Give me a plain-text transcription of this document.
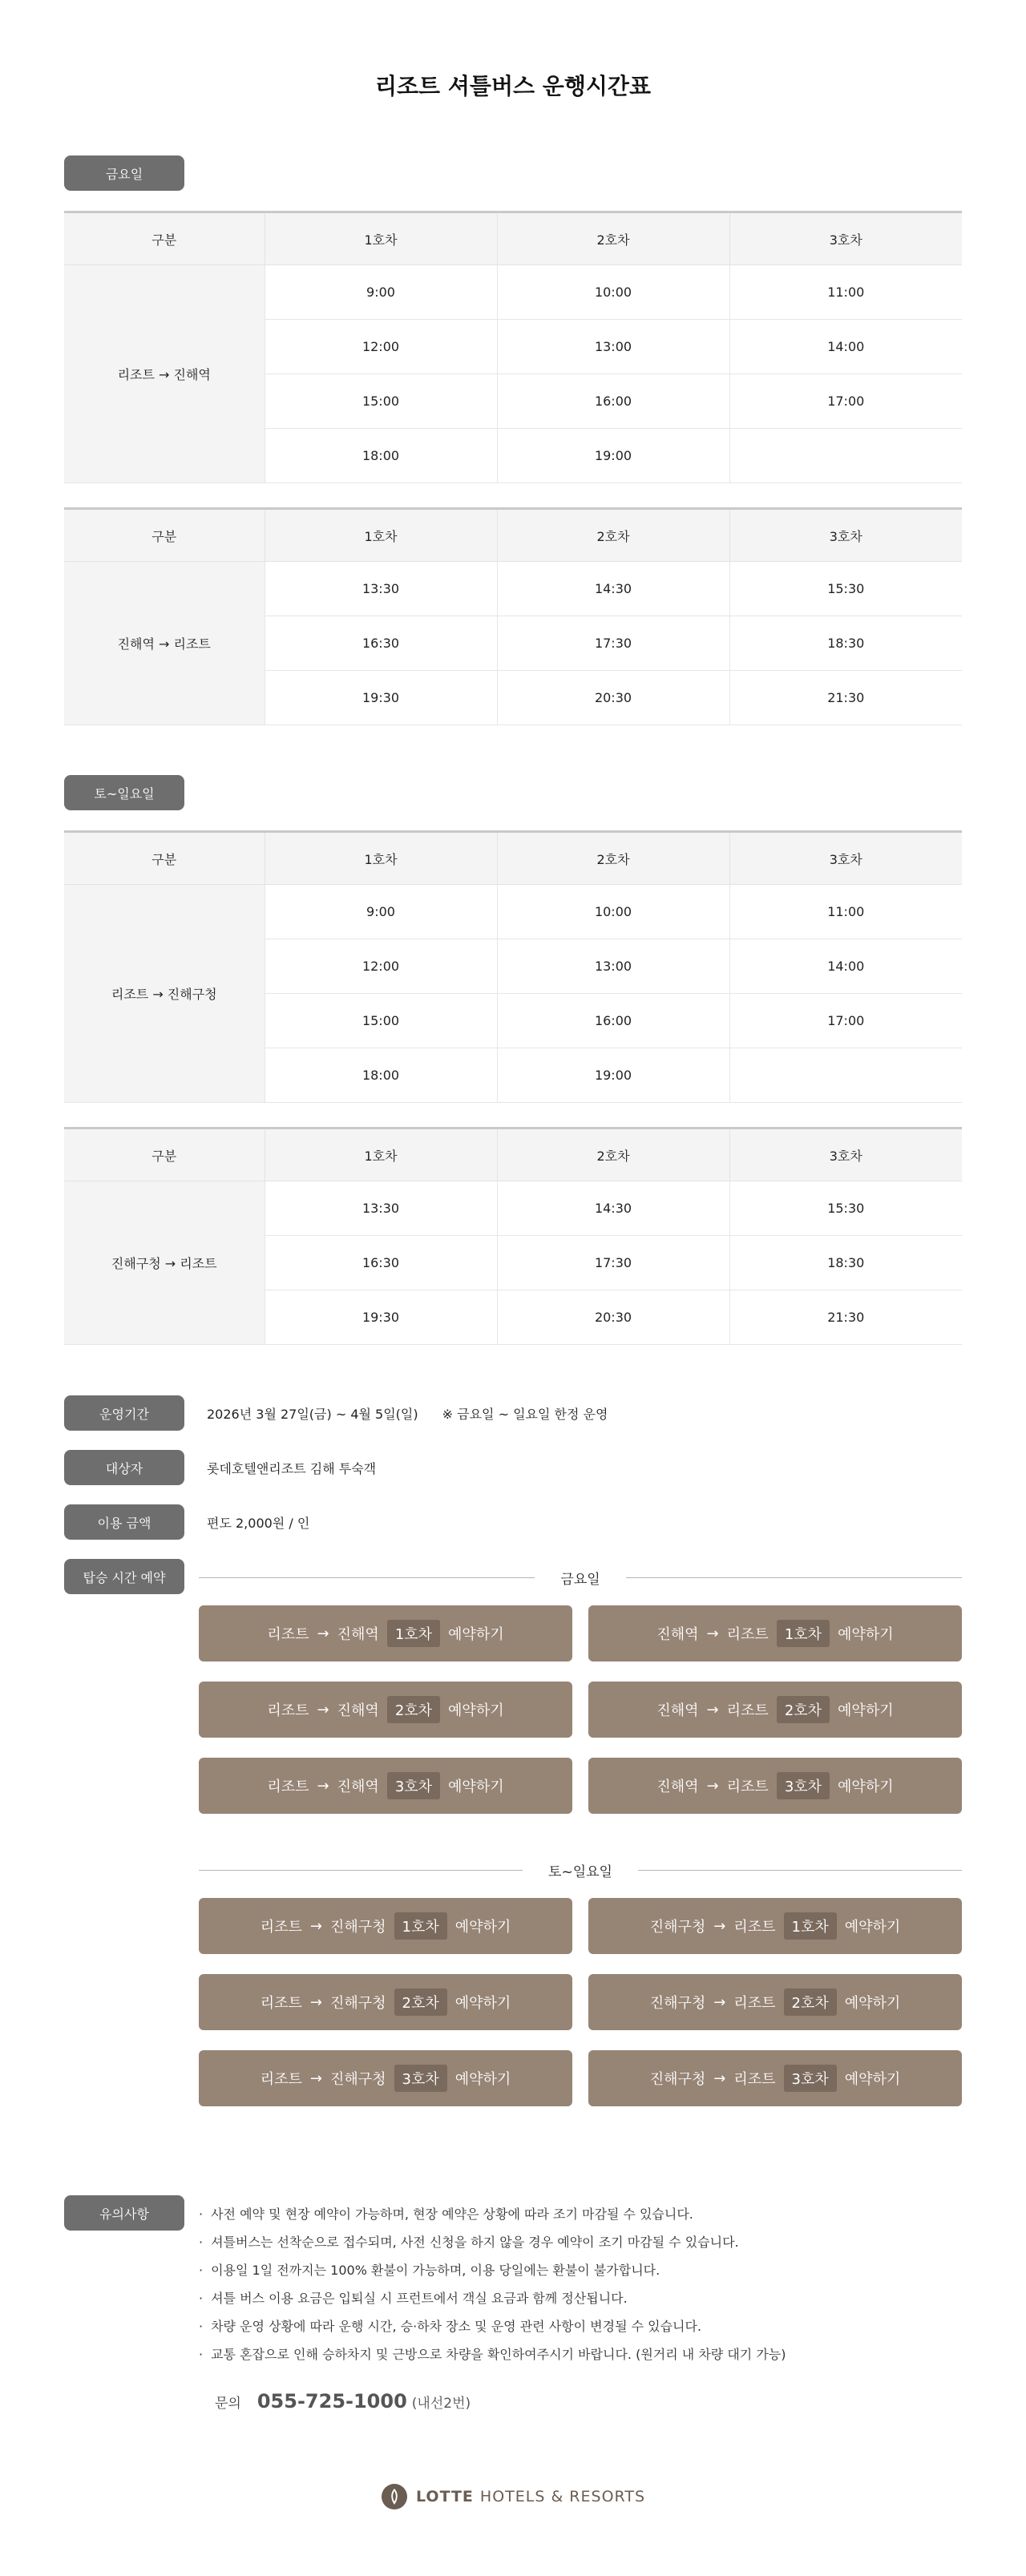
리조트 셔틀버스 운행시간표
금요일
구분	1호차	2호차	3호차
리조트 → 진해역	9:00	10:00	11:00
	12:00	13:00	14:00
	15:00	16:00	17:00
	18:00	19:00	
구분	1호차	2호차	3호차
진해역 → 리조트	13:30	14:30	15:30
	16:30	17:30	18:30
	19:30	20:30	21:30
토~일요일
구분	1호차	2호차	3호차
리조트 → 진해구청	9:00	10:00	11:00
	12:00	13:00	14:00
	15:00	16:00	17:00
	18:00	19:00	
구분	1호차	2호차	3호차
진해구청 → 리조트	13:30	14:30	15:30
	16:30	17:30	18:30
	19:30	20:30	21:30
운영기간	2026년 3월 27일(금) ~ 4월 5일(일) ※ 금요일 ~ 일요일 한정 운영
대상자	롯데호텔앤리조트 김해 투숙객
이용 금액	편도 2,000원 / 인
탑승 시간 예약	금요일
토~일요일
리조트 → 진해역	1호차	예약하기	진해역 → 리조트	1호차	예약하기
리조트 → 진해역	2호차	예약하기	진해역 → 리조트	2호차	예약하기
리조트 → 진해역	3호차	예약하기	진해역 → 리조트	3호차	예약하기
리조트 → 진해구청	1호차	예약하기	진해구청 → 리조트	1호차	예약하기
리조트 → 진해구청	2호차	예약하기	진해구청 → 리조트	2호차	예약하기
리조트 → 진해구청	3호차	예약하기	진해구청 → 리조트	3호차	예약하기
유의사항	· 사전 예약 및 현장 예약이 가능하며, 현장 예약은 상황에 따라 조기 마감될 수 있습니다.
· 셔틀버스는 선착순으로 접수되며, 사전 신청을 하지 않을 경우 예약이 조기 마감될 수 있습니다.
· 이용일 1일 전까지는 100% 환불이 가능하며, 이용 당일에는 환불이 불가합니다.
· 셔틀 버스 이용 요금은 입퇴실 시 프런트에서 객실 요금과 함께 정산됩니다.
· 차량 운영 상황에 따라 운행 시간, 승·하차 장소 및 운영 관련 사항이 변경될 수 있습니다.
· 교통 혼잡으로 인해 승하차지 및 근방으로 차량을 확인하여주시기 바랍니다. (원거리 내 차량 대기 가능)
문의 055-725-1000 (내선2번)
LOTTE HOTELS & RESORTS
